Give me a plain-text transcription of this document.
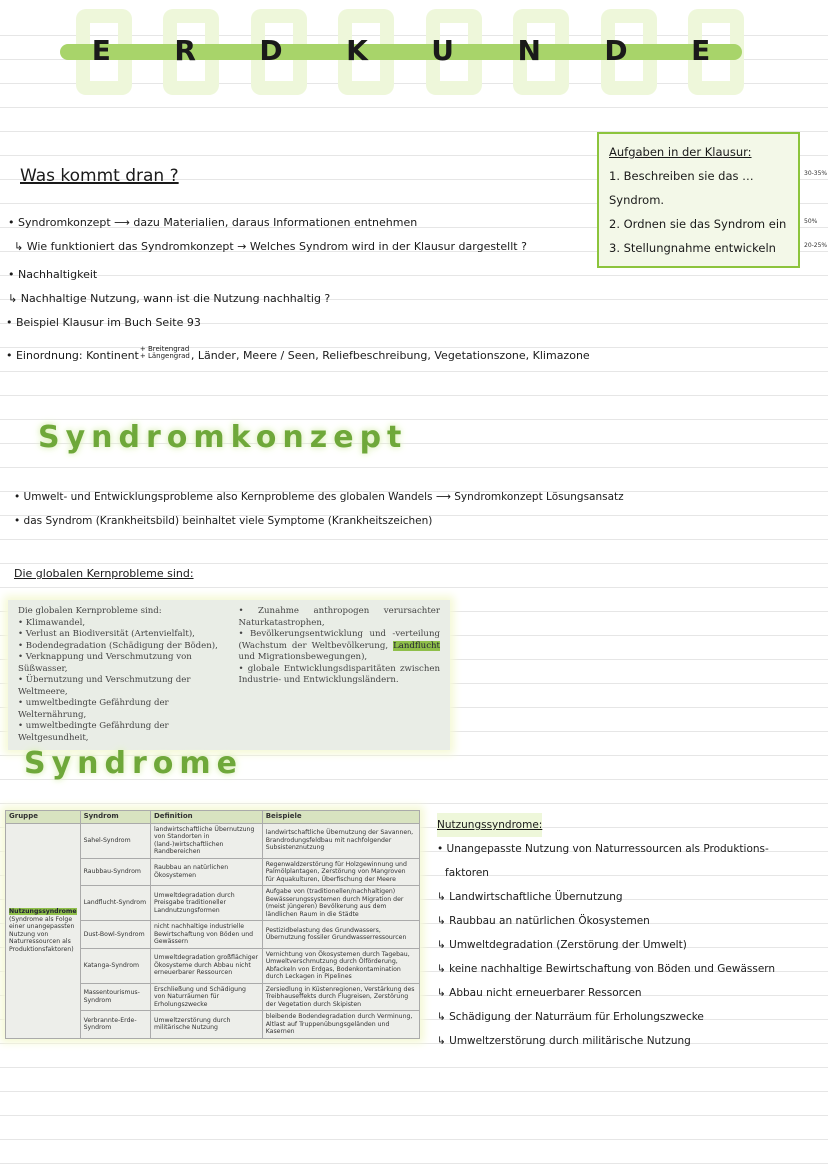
E R D K U N D E
Was kommt dran ?
• Syndromkonzept ⟶ dazu Materialien, daraus Informationen entnehmen
↳ Wie funktioniert das Syndromkonzept → Welches Syndrom wird in der Klausur dargestellt ?
• Nachhaltigkeit
↳ Nachhaltige Nutzung, wann ist die Nutzung nachhaltig ?
• Beispiel Klausur im Buch Seite 93
• Einordnung: Kontinent + Breitengrad
+ Längengrad , Länder, Meere / Seen, Reliefbeschreibung, Vegetationszone, Klimazone
Aufgaben in der Klausur:
1. Beschreiben sie das … Syndrom.
2. Ordnen sie das Syndrom ein
3. Stellungnahme entwickeln
30-35%
50%
20-25%
Syndromkonzept
• Umwelt- und Entwicklungsprobleme also Kernprobleme des globalen Wandels ⟶ Syndromkonzept Lösungsansatz
• das Syndrom (Krankheitsbild) beinhaltet viele Symptome (Krankheitszeichen)
Die globalen Kernprobleme sind:
Die globalen Kernprobleme sind:
• Klimawandel,
• Verlust an Biodiversität (Artenvielfalt),
• Bodendegradation (Schädigung der Böden),
• Verknappung und Verschmutzung von Süßwasser,
• Übernutzung und Verschmutzung der Weltmeere,
• umweltbedingte Gefährdung der Welternährung,
• umweltbedingte Gefährdung der Weltgesundheit,
• Zunahme anthropogen verursachter Naturkatastrophen,
• Bevölkerungsentwicklung und -verteilung (Wachstum der Weltbevölkerung, Landflucht und Migrationsbewegungen),
• globale Entwicklungsdisparitäten zwischen Industrie- und Entwicklungsländern.
Syndrome
Gruppe	Syndrom	Definition	Beispiele
Nutzungssyndrome
(Syndrome als Folge einer unangepassten Nutzung von Naturressourcen als Produktionsfaktoren)	Sahel-Syndrom	landwirtschaftliche Übernutzung von Standorten in (land-)wirtschaftlichen Randbereichen	landwirtschaftliche Übernutzung der Savannen, Brandrodungsfeldbau mit nachfolgender Subsistenznutzung
	Raubbau-Syndrom	Raubbau an natürlichen Ökosystemen	Regenwaldzerstörung für Holzgewinnung und Palmölplantagen, Zerstörung von Mangroven für Aquakulturen, Überfischung der Meere
	Landflucht-Syndrom	Umweltdegradation durch Preisgabe traditioneller Landnutzungsformen	Aufgabe von (traditionellen/nachhaltigen) Bewässerungssystemen durch Migration der (meist jüngeren) Bevölkerung aus dem ländlichen Raum in die Städte
	Dust-Bowl-Syndrom	nicht nachhaltige industrielle Bewirtschaftung von Böden und Gewässern	Pestizidbelastung des Grundwassers, Übernutzung fossiler Grundwasserressourcen
	Katanga-Syndrom	Umweltdegradation großflächiger Ökosysteme durch Abbau nicht erneuerbarer Ressourcen	Vernichtung von Ökosystemen durch Tagebau, Umweltverschmutzung durch Ölförderung, Abfackeln von Erdgas, Bodenkontamination durch Leckagen in Pipelines
	Massentourismus-Syndrom	Erschließung und Schädigung von Naturräumen für Erholungszwecke	Zersiedlung in Küstenregionen, Verstärkung des Treibhauseffekts durch Flugreisen, Zerstörung der Vegetation durch Skipisten
	Verbrannte-Erde-Syndrom	Umweltzerstörung durch militärische Nutzung	bleibende Bodendegradation durch Verminung, Altlast auf Truppenübungsgeländen und Kasernen
Nutzungssyndrome:
• Unangepasste Nutzung von Naturressourcen als Produktions-
faktoren
↳ Landwirtschaftliche Übernutzung
↳ Raubbau an natürlichen Ökosystemen
↳ Umweltdegradation (Zerstörung der Umwelt)
↳ keine nachhaltige Bewirtschaftung von Böden und Gewässern
↳ Abbau nicht erneuerbarer Ressorcen
↳ Schädigung der Naturräum für Erholungszwecke
↳ Umweltzerstörung durch militärische Nutzung
